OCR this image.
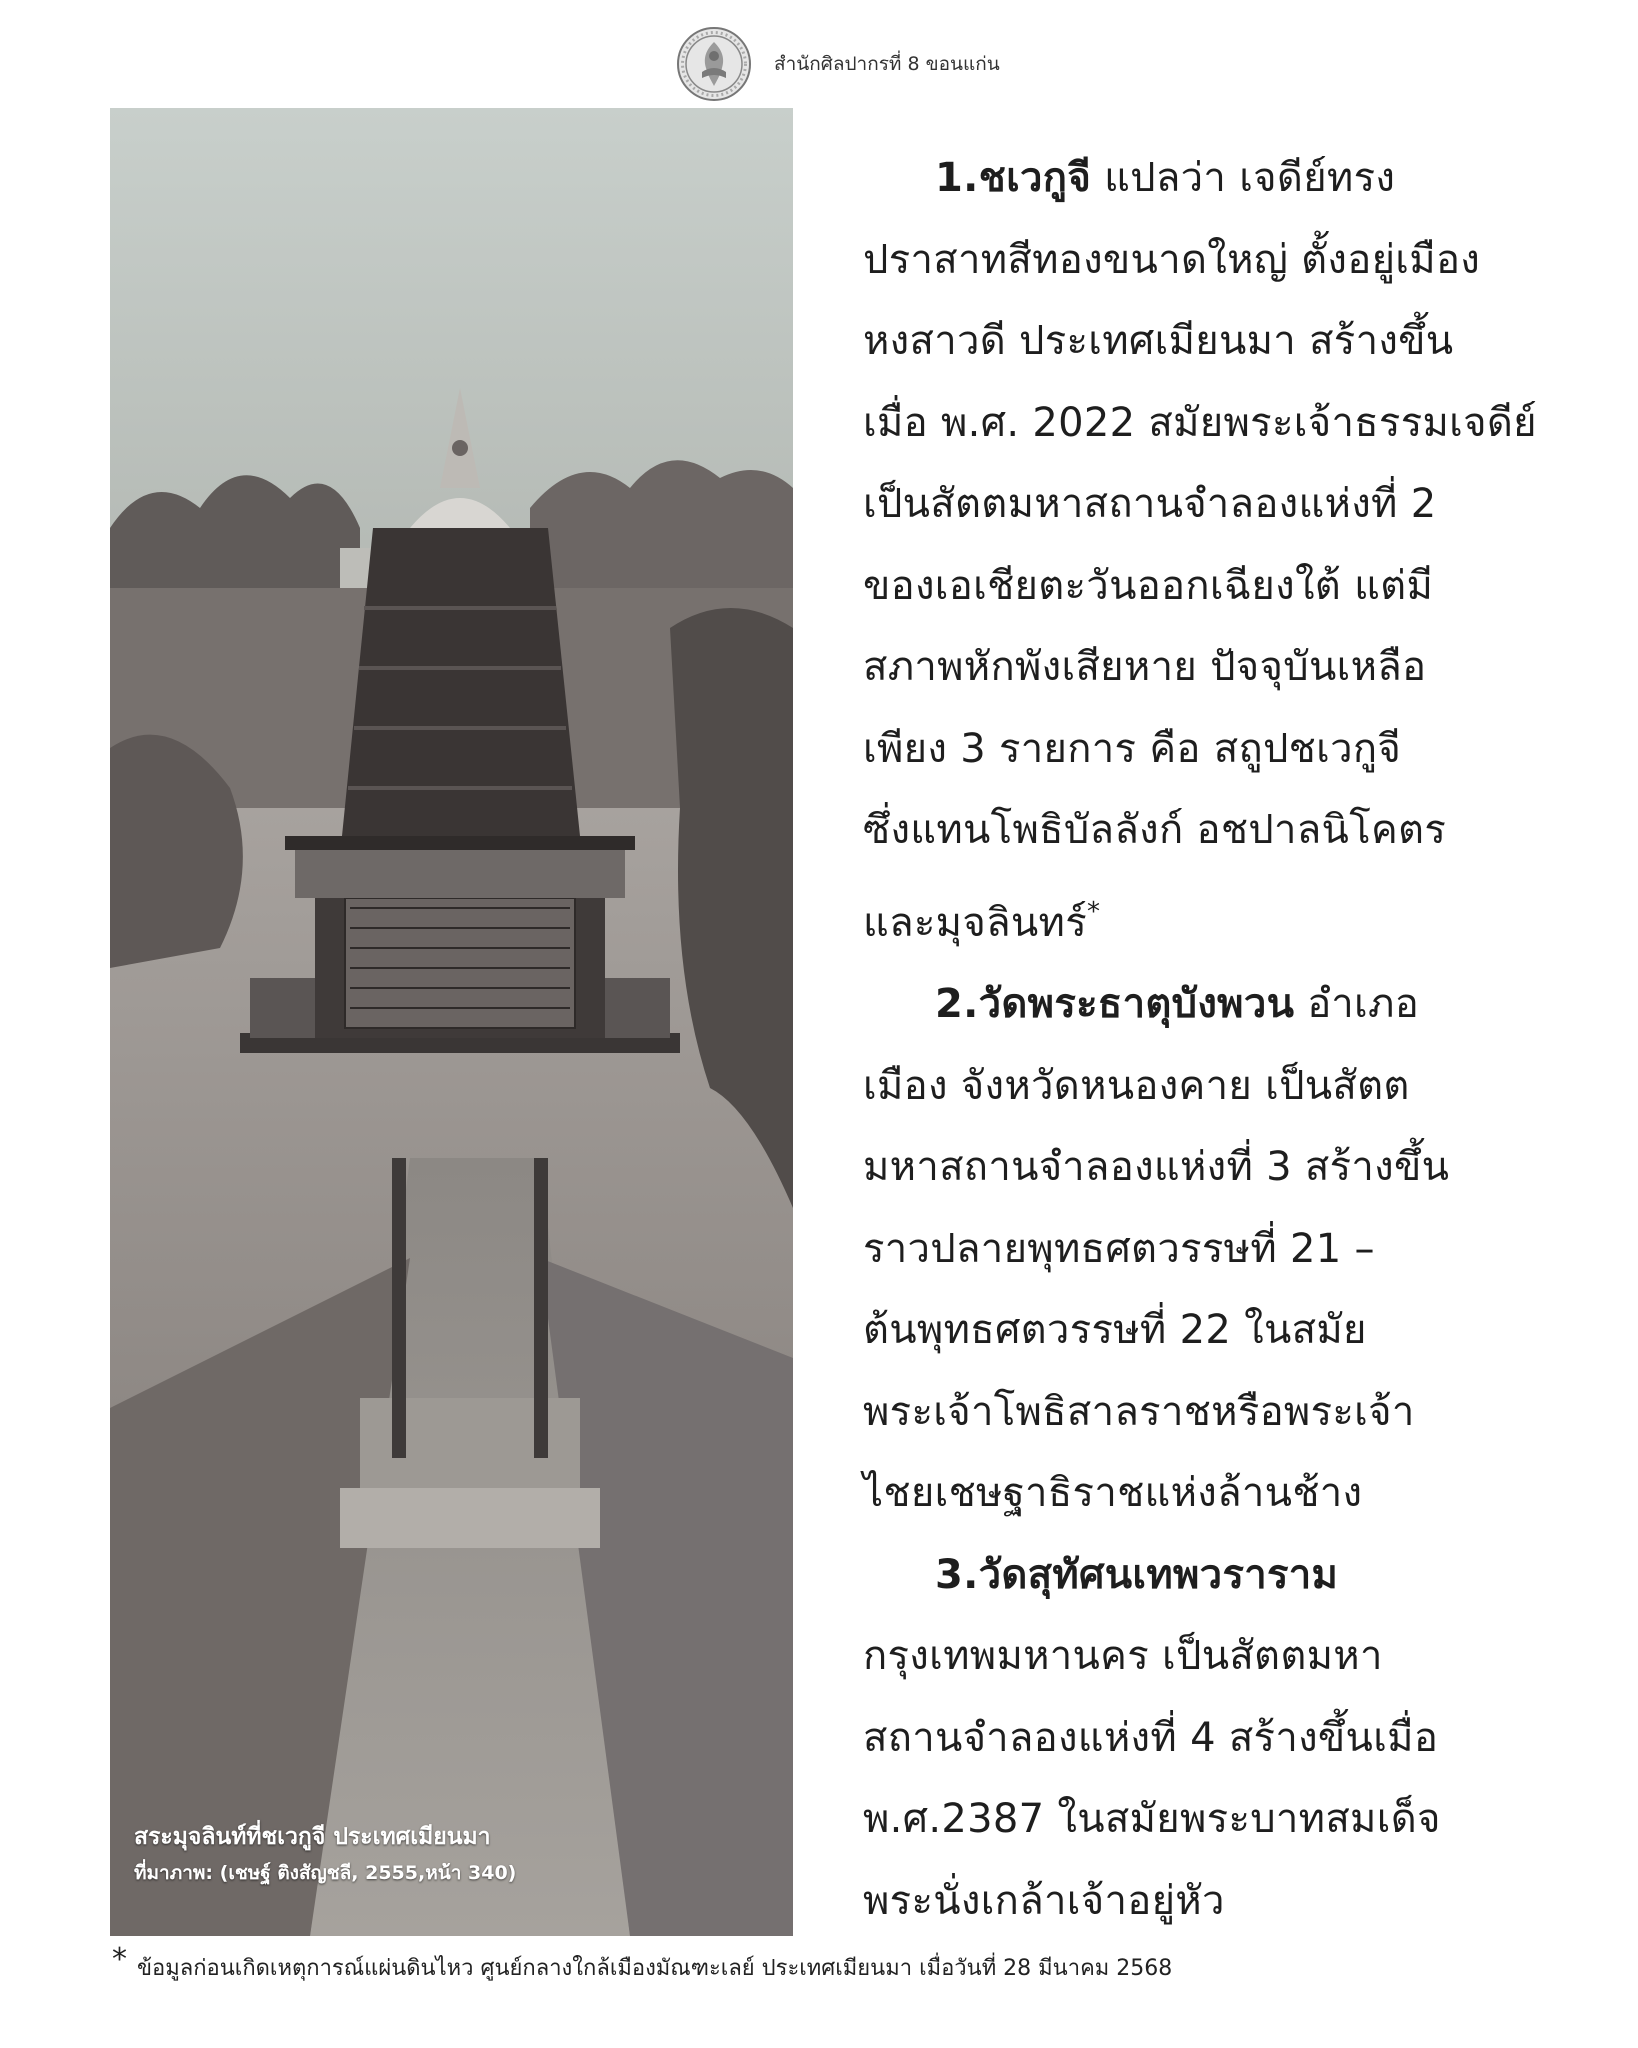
สำนักศิลปากรที่ 8 ขอนแก่น
สระมุจลินท์ที่ชเวกูจี ประเทศเมียนมา
ที่มาภาพ: (เชษฐ์ ติงสัญชลี, 2555,หน้า 340)
1.ชเวกูจี แปลว่า เจดีย์ทรง
ปราสาทสีทองขนาดใหญ่ ตั้งอยู่เมือง
หงสาวดี ประเทศเมียนมา สร้างขึ้น
เมื่อ พ.ศ. 2022 สมัยพระเจ้าธรรมเจดีย์
เป็นสัตตมหาสถานจำลองแห่งที่ 2
ของเอเชียตะวันออกเฉียงใต้ แต่มี
สภาพหักพังเสียหาย ปัจจุบันเหลือ
เพียง 3 รายการ คือ สถูปชเวกูจี
ซึ่งแทนโพธิบัลลังก์ อชปาลนิโคตร
และมุจลินทร์*
2.วัดพระธาตุบังพวน อำเภอ
เมือง จังหวัดหนองคาย เป็นสัตต
มหาสถานจำลองแห่งที่ 3 สร้างขึ้น
ราวปลายพุทธศตวรรษที่ 21 –
ต้นพุทธศตวรรษที่ 22 ในสมัย
พระเจ้าโพธิสาลราชหรือพระเจ้า
ไชยเชษฐาธิราชแห่งล้านช้าง
3.วัดสุทัศนเทพวราราม
กรุงเทพมหานคร เป็นสัตตมหา
สถานจำลองแห่งที่ 4 สร้างขึ้นเมื่อ
พ.ศ.2387 ในสมัยพระบาทสมเด็จ
พระนั่งเกล้าเจ้าอยู่หัว
* ข้อมูลก่อนเกิดเหตุการณ์แผ่นดินไหว ศูนย์กลางใกล้เมืองมัณฑะเลย์ ประเทศเมียนมา เมื่อวันที่ 28 มีนาคม 2568
